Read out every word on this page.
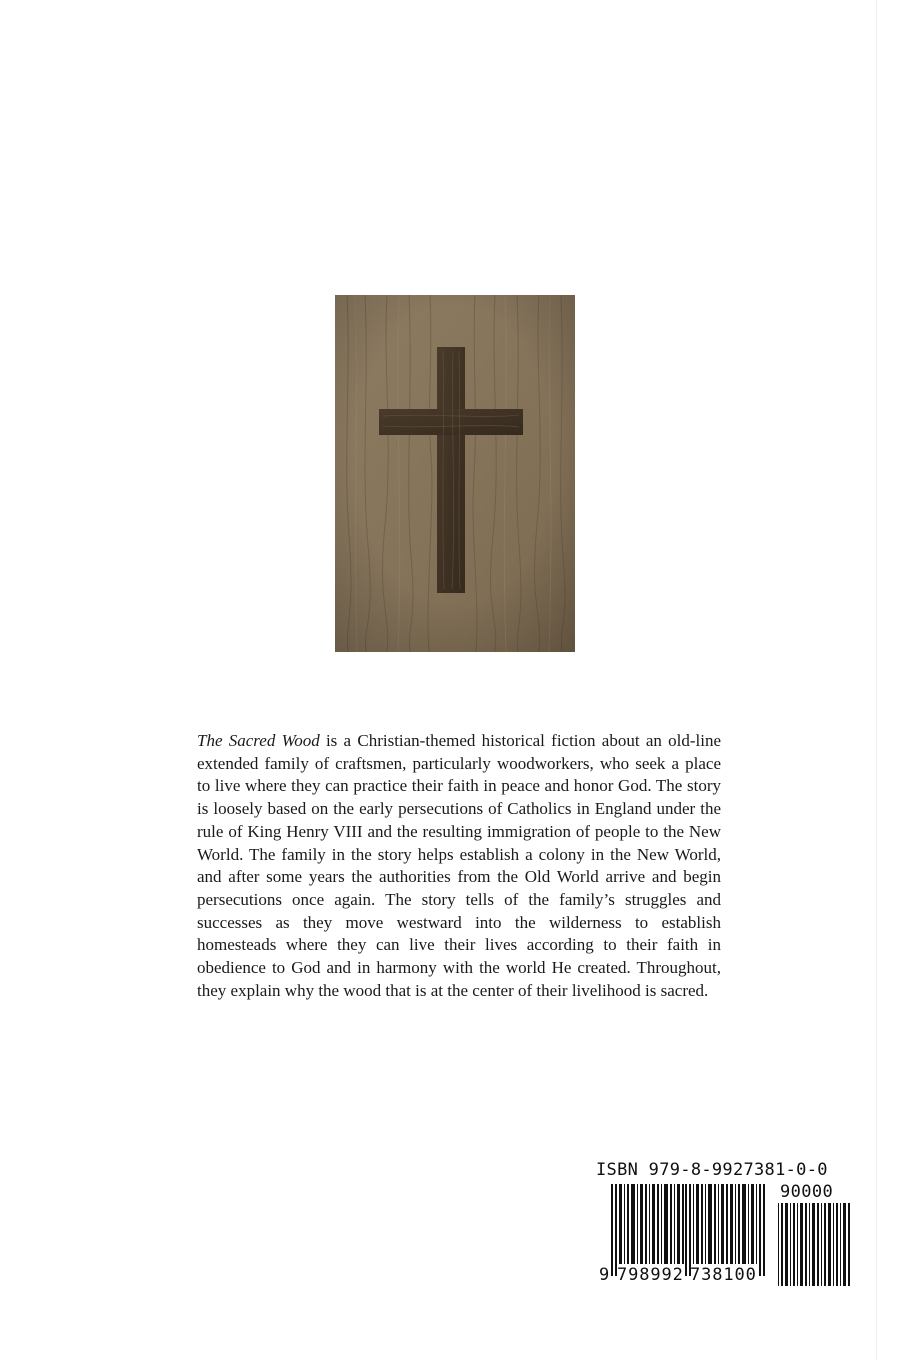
The Sacred Wood is a Christian-themed historical fiction about an old-line extended family of craftsmen, particularly woodworkers, who seek a place to live where they can practice their faith in peace and honor God. The story is loosely based on the early persecutions of Catholics in England under the rule of King Henry VIII and the resulting immigration of people to the New World. The family in the story helps establish a colony in the New World, and after some years the authorities from the Old World arrive and begin persecutions once again. The story tells of the family’s struggles and successes as they move westward into the wilderness to establish homesteads where they can live their lives according to their faith in obedience to God and in harmony with the world He created. Throughout, they explain why the wood that is at the center of their livelihood is sacred.
ISBN 979-8-9927381-0-0
90000
9 798992 738100
